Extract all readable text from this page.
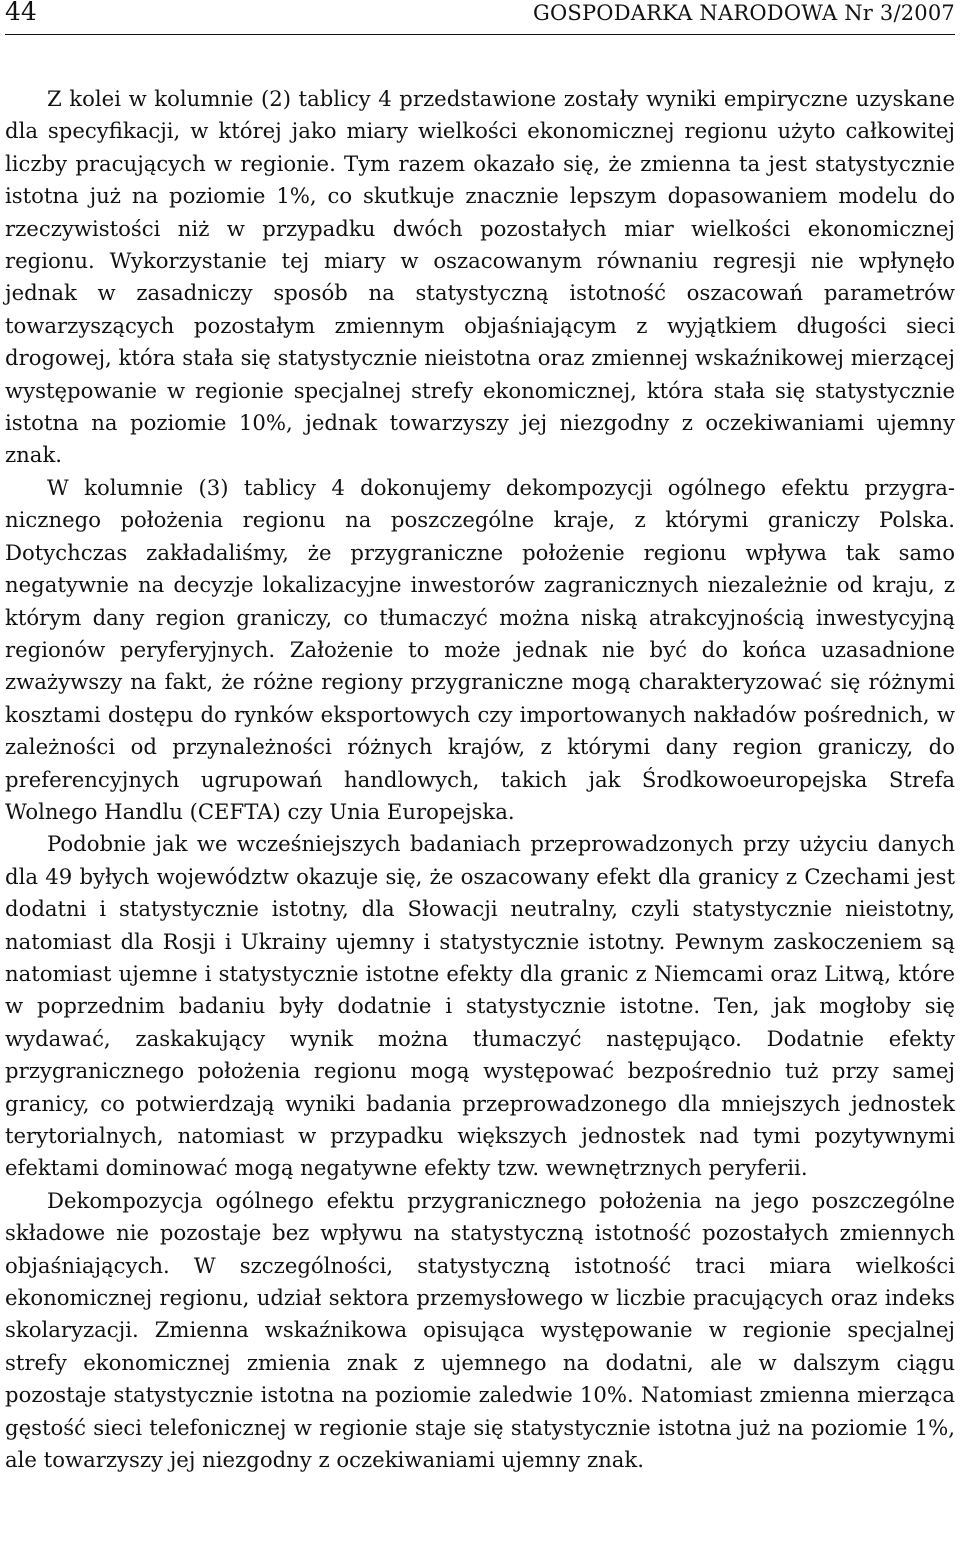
44	GOSPODARKA NARODOWA Nr 3/2007

Z kolei w kolumnie (2) tablicy 4 przedstawione zostały wyniki empiryczne uzyskane dla specyfikacji, w której jako miary wielkości ekonomicznej regionu użyto całkowitej liczby pracujących w regionie. Tym razem okazało się, że zmienna ta jest statystycznie istotna już na poziomie 1%, co skutkuje znacznie lepszym dopasowaniem modelu do rzeczywistości niż w przypadku dwóch pozostałych miar wielkości ekonomicznej regionu. Wykorzystanie tej miary w oszacowanym równaniu regresji nie wpłynęło jednak w zasadniczy sposób na statystyczną istotność oszacowań parametrów towarzyszących pozostałym zmiennym objaśniającym z wyjątkiem długości sieci drogowej, która stała się statystycznie nieistotna oraz zmiennej wskaźnikowej mierzącej występowanie w regionie specjalnej strefy ekonomicznej, która stała się statystycznie istotna na poziomie 10%, jednak towarzyszy jej niezgodny z oczekiwaniami ujemny znak.

W kolumnie (3) tablicy 4 dokonujemy dekompozycji ogólnego efektu przygranicznego położenia regionu na poszczególne kraje, z którymi graniczy Polska. Dotychczas zakładaliśmy, że przygraniczne położenie regionu wpływa tak samo negatywnie na decyzje lokalizacyjne inwestorów zagranicznych niezależnie od kraju, z którym dany region graniczy, co tłumaczyć można niską atrakcyjnością inwestycyjną regionów peryferyjnych. Założenie to może jednak nie być do końca uzasadnione zważywszy na fakt, że różne regiony przygraniczne mogą charakteryzować się różnymi kosztami dostępu do rynków eksportowych czy importowanych nakładów pośrednich, w zależności od przynależności różnych krajów, z którymi dany region graniczy, do preferencyjnych ugrupowań handlowych, takich jak Środkowoeuropejska Strefa Wolnego Handlu (CEFTA) czy Unia Europejska.

Podobnie jak we wcześniejszych badaniach przeprowadzonych przy użyciu danych dla 49 byłych województw okazuje się, że oszacowany efekt dla granicy z Czechami jest dodatni i statystycznie istotny, dla Słowacji neutralny, czyli statystycznie nieistotny, natomiast dla Rosji i Ukrainy ujemny i statystycznie istotny. Pewnym zaskoczeniem są natomiast ujemne i statystycznie istotne efekty dla granic z Niemcami oraz Litwą, które w poprzednim badaniu były dodatnie i statystycznie istotne. Ten, jak mogłoby się wydawać, zaskakujący wynik można tłumaczyć następująco. Dodatnie efekty przygranicznego położenia regionu mogą występować bezpośrednio tuż przy samej granicy, co potwierdzają wyniki badania przeprowadzonego dla mniejszych jednostek terytorialnych, natomiast w przypadku większych jednostek nad tymi pozytywnymi efektami dominować mogą negatywne efekty tzw. wewnętrznych peryferii.

Dekompozycja ogólnego efektu przygranicznego położenia na jego poszczególne składowe nie pozostaje bez wpływu na statystyczną istotność pozostałych zmiennych objaśniających. W szczególności, statystyczną istotność traci miara wielkości ekonomicznej regionu, udział sektora przemysłowego w liczbie pracujących oraz indeks skolaryzacji. Zmienna wskaźnikowa opisująca występowanie w regionie specjalnej strefy ekonomicznej zmienia znak z ujemnego na dodatni, ale w dalszym ciągu pozostaje statystycznie istotna na poziomie zaledwie 10%. Natomiast zmienna mierząca gęstość sieci telefonicznej w regionie staje się statystycznie istotna już na poziomie 1%, ale towarzyszy jej niezgodny z oczekiwaniami ujemny znak.
